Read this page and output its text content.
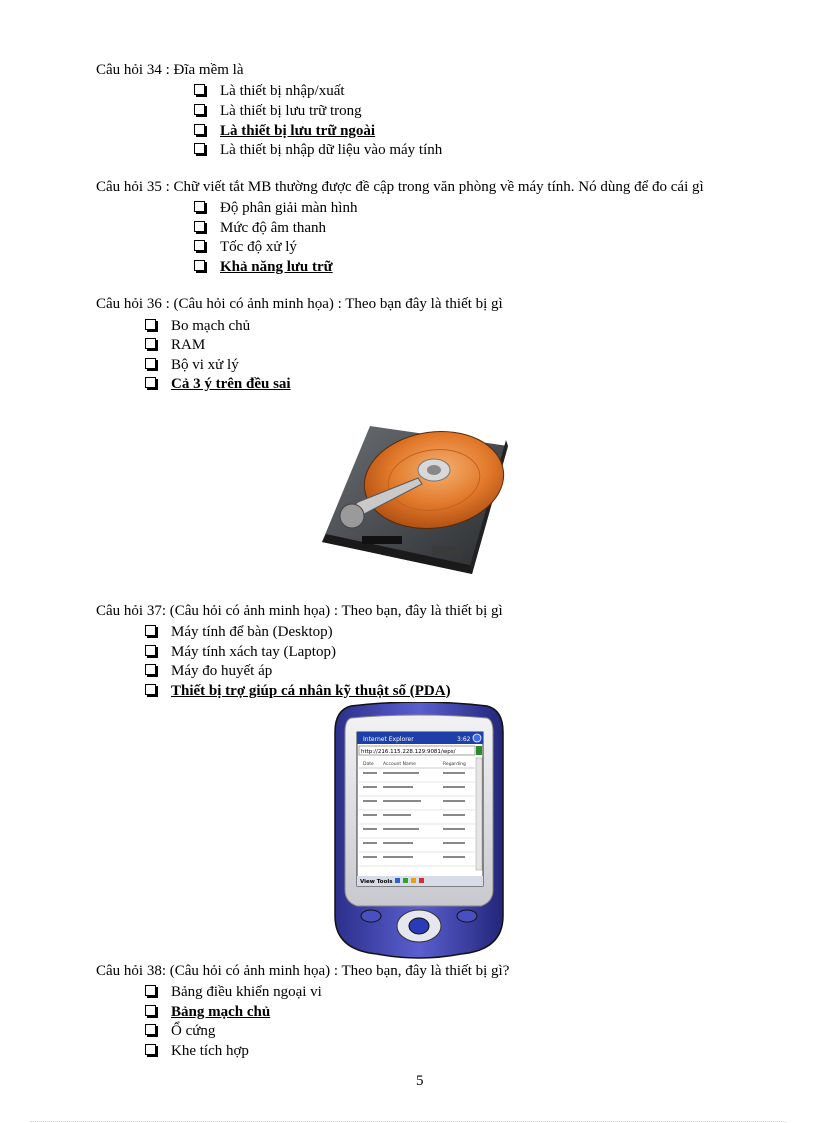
Câu hỏi 34 : Đĩa mềm là
Là thiết bị nhập/xuất
Là thiết bị lưu trữ trong
Là thiết bị lưu trữ ngoài
Là thiết bị nhập dữ liệu vào máy tính
Câu hỏi 35 : Chữ viết tắt MB thường được đề cập trong văn phòng về máy tính. Nó dùng để đo cái gì
Độ phân giải màn hình
Mức độ âm thanh
Tốc độ xử lý
Khả năng lưu trữ
Câu hỏi 36 : (Câu hỏi có ảnh minh họa) : Theo bạn đây là thiết bị gì
Bo mạch chủ
RAM
Bộ vi xử lý
Cả 3 ý trên đều sai
Câu hỏi 37: (Câu hỏi có ảnh minh họa) : Theo bạn, đây là thiết bị gì
Máy tính để bàn (Desktop)
Máy tính xách tay (Laptop)
Máy đo huyết áp
Thiết bị trợ giúp cá nhân kỹ thuật số (PDA)
Internet Explorer	3:62
http://216.115.228.129:9081/wps/
Date Account Name	Regarding
View Tools
Câu hỏi 38: (Câu hỏi có ảnh minh họa) : Theo bạn, đây là thiết bị gì?
Bảng điều khiển ngoại vi
Bảng mạch chủ
Ổ cứng
Khe tích hợp
5
